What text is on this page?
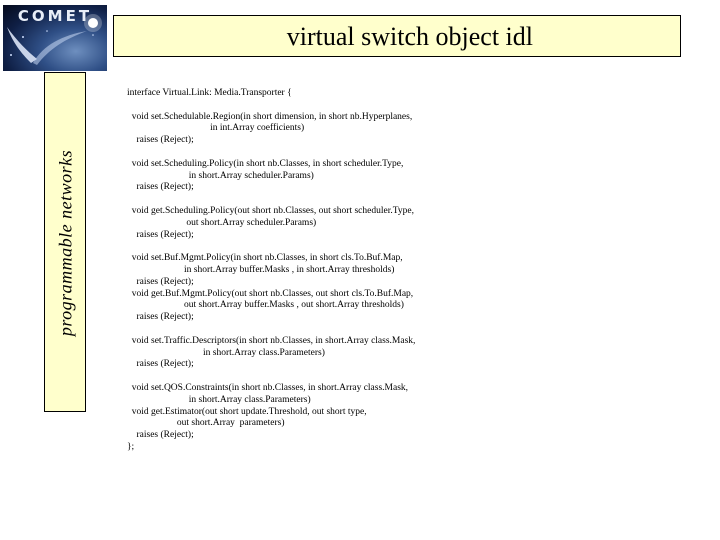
COMET
virtual switch object idl
programmable networks
interface Virtual.Link: Media.Transporter {
void set.Schedulable.Region(in short dimension, in short nb.Hyperplanes,
in int.Array coefficients)
raises (Reject);
void set.Scheduling.Policy(in short nb.Classes, in short scheduler.Type,
in short.Array scheduler.Params)
raises (Reject);
void get.Scheduling.Policy(out short nb.Classes, out short scheduler.Type,
out short.Array scheduler.Params)
raises (Reject);
void set.Buf.Mgmt.Policy(in short nb.Classes, in short cls.To.Buf.Map,
in short.Array buffer.Masks , in short.Array thresholds)
raises (Reject);
void get.Buf.Mgmt.Policy(out short nb.Classes, out short cls.To.Buf.Map,
out short.Array buffer.Masks , out short.Array thresholds)
raises (Reject);
void set.Traffic.Descriptors(in short nb.Classes, in short.Array class.Mask,
in short.Array class.Parameters)
raises (Reject);
void set.QOS.Constraints(in short nb.Classes, in short.Array class.Mask,
in short.Array class.Parameters)
void get.Estimator(out short update.Threshold, out short type,
out short.Array  parameters)
raises (Reject);
};
